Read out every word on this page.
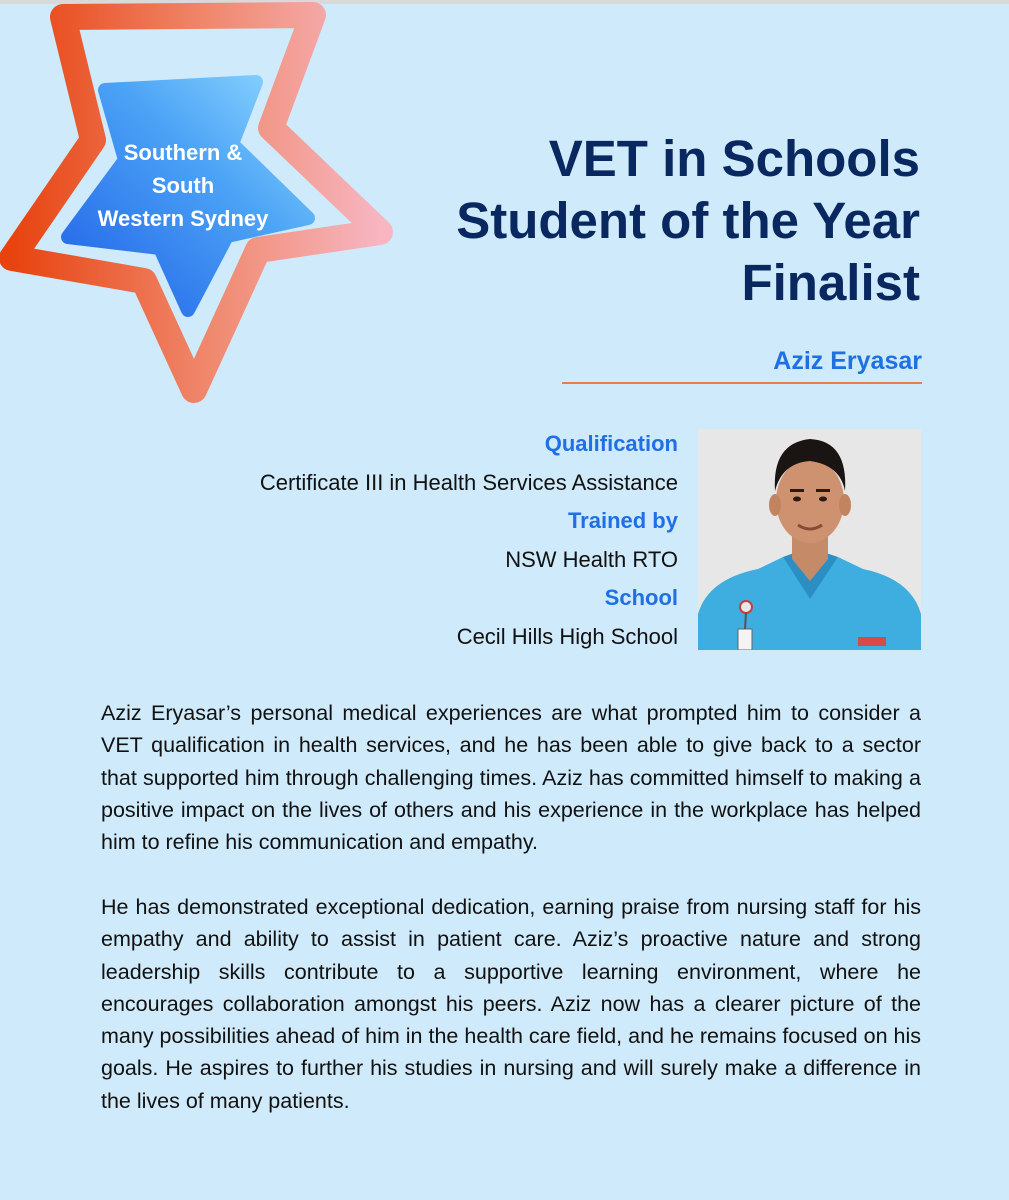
Southern &
South
Western Sydney
VET in Schools
Student of the Year
Finalist
Aziz Eryasar
Qualification
Certificate III in Health Services Assistance
Trained by
NSW Health RTO
School
Cecil Hills High School

Aziz Eryasar’s personal medical experiences are what prompted him to consider a VET qualification in health services, and he has been able to give back to a sector that supported him through challenging times. Aziz has committed himself to making a positive impact on the lives of others and his experience in the workplace has helped him to refine his communication and empathy.

He has demonstrated exceptional dedication, earning praise from nursing staff for his empathy and ability to assist in patient care. Aziz’s proactive nature and strong leadership skills contribute to a supportive learning environment, where he encourages collaboration amongst his peers. Aziz now has a clearer picture of the many possibilities ahead of him in the health care field, and he remains focused on his goals. He aspires to further his studies in nursing and will surely make a difference in the lives of many patients.
